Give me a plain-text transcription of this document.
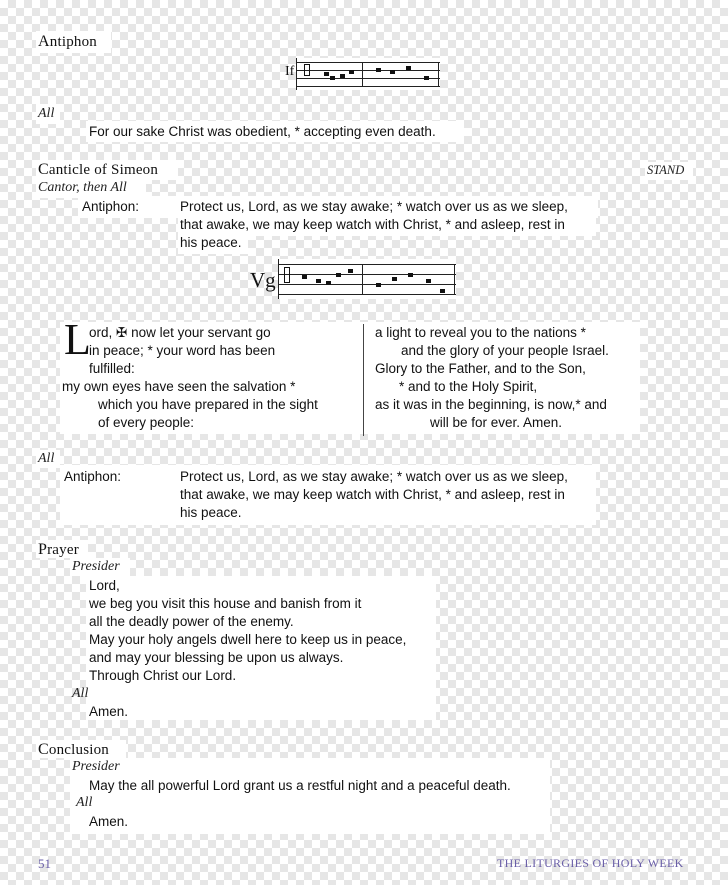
Antiphon
If
All
For our sake Christ was obedient, * accepting even death.
Canticle of Simeon	STAND
Cantor, then All
Antiphon:	Protect us, Lord, as we stay awake; * watch over us as we sleep,
that awake, we may keep watch with Christ, * and asleep, rest in
his peace.
Vg
L
ord, ✠ now let your servant go
in peace; * your word has been
fulfilled:
my own eyes have seen the salvation *
which you have prepared in the sight
of every people:
a light to reveal you to the nations *
and the glory of your people Israel.
Glory to the Father, and to the Son,
* and to the Holy Spirit,
as it was in the beginning, is now,* and
will be for ever. Amen.
All
Antiphon:	Protect us, Lord, as we stay awake; * watch over us as we sleep,
that awake, we may keep watch with Christ, * and asleep, rest in
his peace.
Prayer
Presider
Lord,
we beg you visit this house and banish from it
all the deadly power of the enemy.
May your holy angels dwell here to keep us in peace,
and may your blessing be upon us always.
Through Christ our Lord.
All
Amen.
Conclusion
Presider
May the all powerful Lord grant us a restful night and a peaceful death.
All
Amen.
51	THE LITURGIES OF HOLY WEEK
